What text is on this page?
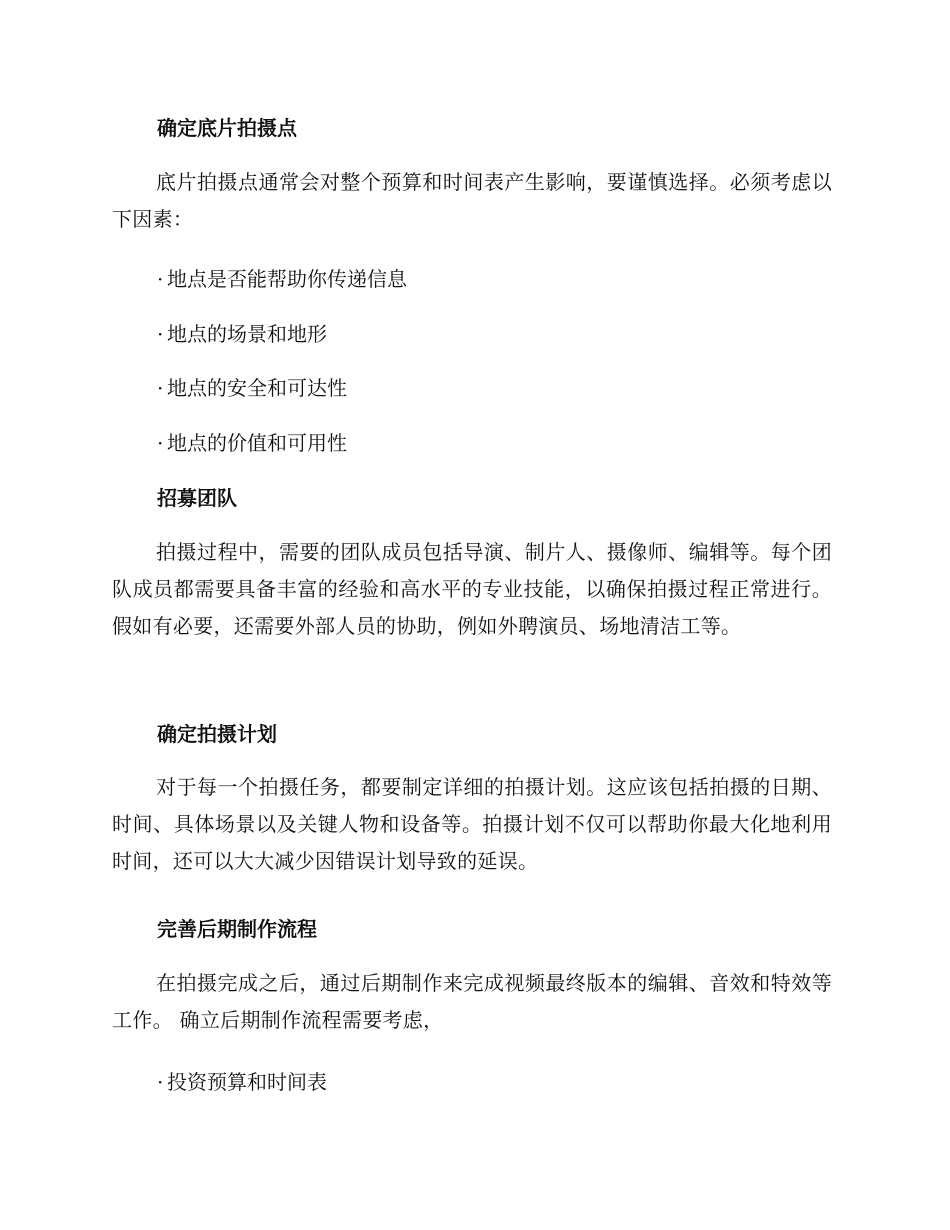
确定底片拍摄点

底片拍摄点通常会对整个预算和时间表产生影响，要谨慎选择。必须考虑以下因素：

· 地点是否能帮助你传递信息
· 地点的场景和地形
· 地点的安全和可达性
· 地点的价值和可用性
招募团队

拍摄过程中，需要的团队成员包括导演、制片人、摄像师、编辑等。每个团队成员都需要具备丰富的经验和高水平的专业技能，以确保拍摄过程正常进行。假如有必要，还需要外部人员的协助，例如外聘演员、场地清洁工等。

确定拍摄计划

对于每一个拍摄任务，都要制定详细的拍摄计划。这应该包括拍摄的日期、时间、具体场景以及关键人物和设备等。拍摄计划不仅可以帮助你最大化地利用时间，还可以大大减少因错误计划导致的延误。

完善后期制作流程

在拍摄完成之后，通过后期制作来完成视频最终版本的编辑、音效和特效等工作。 确立后期制作流程需要考虑，

· 投资预算和时间表
